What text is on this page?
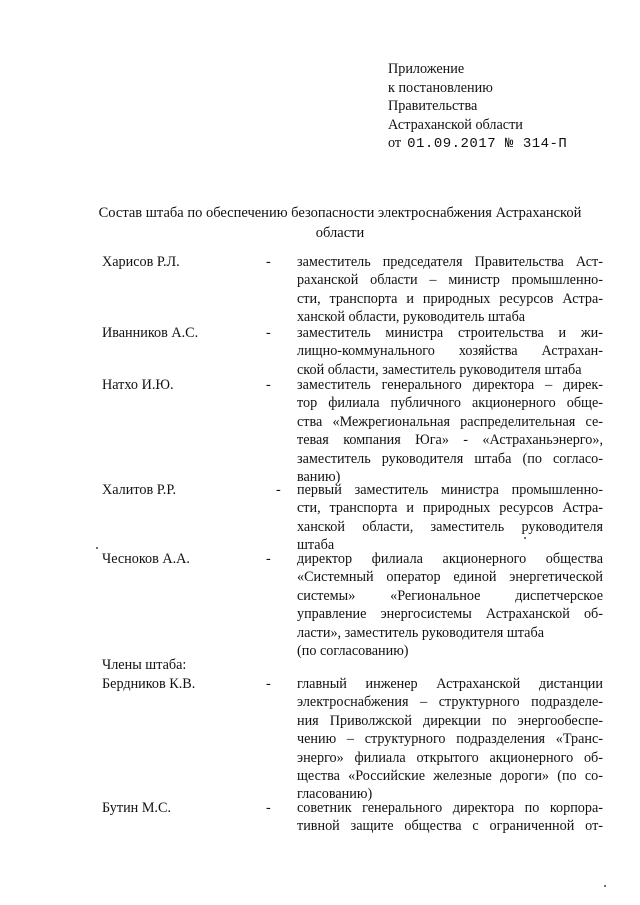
Приложение
к постановлению
Правительства
Астраханской области
от 01.09.2017 № 314-П
Состав штаба по обеспечению безопасности электроснабжения Астраханской
области
Харисов Р.Л.	- заместитель председателя Правительства Аст-
раханской области – министр промышленно-
сти, транспорта и природных ресурсов Астра-
ханской области, руководитель штаба
Иванников А.С.	- заместитель министра строительства и жи-
лищно-коммунального хозяйства Астрахан-
ской области, заместитель руководителя штаба
Натхо И.Ю.	- заместитель генерального директора – дирек-
тор филиала публичного акционерного обще-
ства «Межрегиональная распределительная се-
тевая компания Юга» - «Астраханьэнерго»,
заместитель руководителя штаба (по согласо-
ванию)
Халитов Р.Р.	- первый заместитель министра промышленно-
сти, транспорта и природных ресурсов Астра-
ханской области, заместитель руководителя
штаба
Чесноков А.А.	- директор филиала акционерного общества
«Системный оператор единой энергетической
системы» «Региональное диспетчерское
управление энергосистемы Астраханской об-
ласти», заместитель руководителя штаба
(по согласованию)
Члены штаба:
Бердников К.В.	- главный инженер Астраханской дистанции
электроснабжения – структурного подразделе-
ния Приволжской дирекции по энергообеспе-
чению – структурного подразделения «Транс-
энерго» филиала открытого акционерного об-
щества «Российские железные дороги» (по со-
гласованию)
Бутин М.С.	- советник генерального директора по корпора-
тивной защите общества с ограниченной от-
